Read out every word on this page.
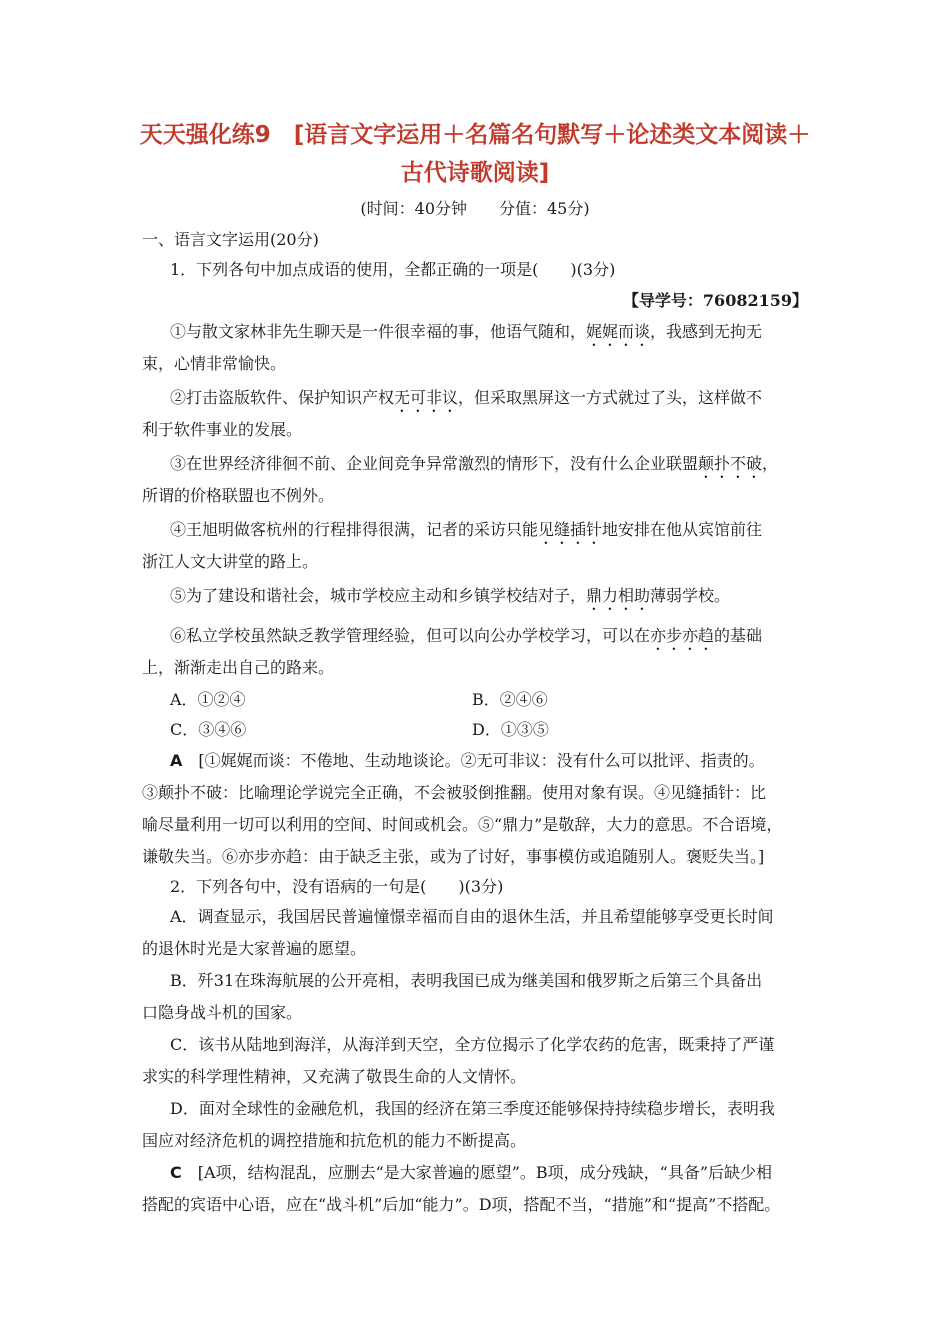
天天强化练9　[语言文字运用＋名篇名句默写＋论述类文本阅读＋
古代诗歌阅读]
(时间：40分钟　　分值：45分)
一、语言文字运用(20分)
1．下列各句中加点成语的使用，全都正确的一项是(　　)(3分)
【导学号：76082159】
①与散文家林非先生聊天是一件很幸福的事，他语气随和，娓娓而谈，我感到无拘无
束，心情非常愉快。
②打击盗版软件、保护知识产权无可非议，但采取黑屏这一方式就过了头，这样做不
利于软件事业的发展。
③在世界经济徘徊不前、企业间竞争异常激烈的情形下，没有什么企业联盟颠扑不破，
所谓的价格联盟也不例外。
④王旭明做客杭州的行程排得很满，记者的采访只能见缝插针地安排在他从宾馆前往
浙江人文大讲堂的路上。
⑤为了建设和谐社会，城市学校应主动和乡镇学校结对子，鼎力相助薄弱学校。
⑥私立学校虽然缺乏教学管理经验，但可以向公办学校学习，可以在亦步亦趋的基础
上，渐渐走出自己的路来。
A．①②④	B．②④⑥
C．③④⑥	D．①③⑤
A　 [①娓娓而谈：不倦地、生动地谈论。②无可非议：没有什么可以批评、指责的。
③颠扑不破：比喻理论学说完全正确，不会被驳倒推翻。使用对象有误。④见缝插针：比
喻尽量利用一切可以利用的空间、时间或机会。⑤“鼎力”是敬辞，大力的意思。不合语境，
谦敬失当。⑥亦步亦趋：由于缺乏主张，或为了讨好，事事模仿或追随别人。褒贬失当。]
2．下列各句中，没有语病的一句是(　　)(3分)
A．调查显示，我国居民普遍憧憬幸福而自由的退休生活，并且希望能够享受更长时间
的退休时光是大家普遍的愿望。
B．歼31在珠海航展的公开亮相，表明我国已成为继美国和俄罗斯之后第三个具备出
口隐身战斗机的国家。
C．该书从陆地到海洋，从海洋到天空，全方位揭示了化学农药的危害，既秉持了严谨
求实的科学理性精神，又充满了敬畏生命的人文情怀。
D．面对全球性的金融危机，我国的经济在第三季度还能够保持持续稳步增长，表明我
国应对经济危机的调控措施和抗危机的能力不断提高。
C　 [A项，结构混乱，应删去“是大家普遍的愿望”。B项，成分残缺，“具备”后缺少相
搭配的宾语中心语，应在“战斗机”后加“能力”。D项，搭配不当，“措施”和“提高”不搭配。
